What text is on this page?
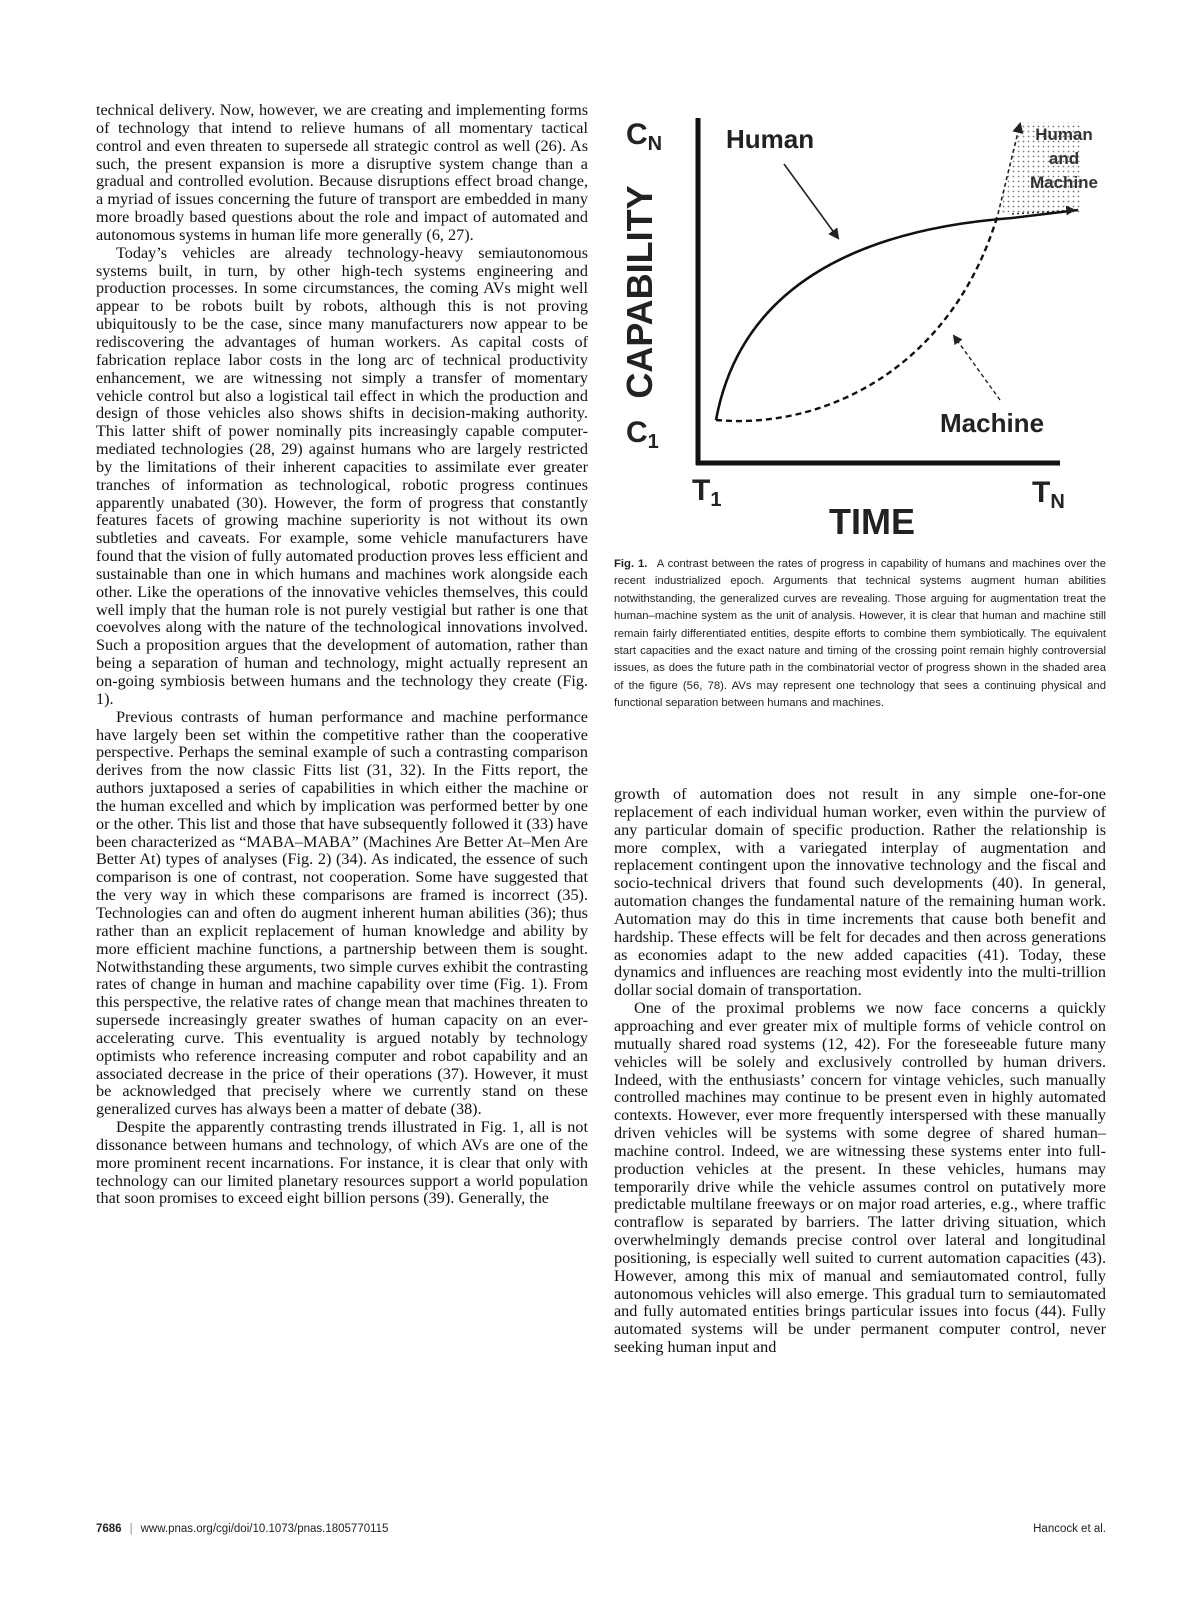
technical delivery. Now, however, we are creating and implementing forms of technology that intend to relieve humans of all momentary tactical control and even threaten to supersede all strategic control as well (26). As such, the present expansion is more a disruptive system change than a gradual and controlled evolution. Because disruptions effect broad change, a myriad of issues concerning the future of transport are embedded in many more broadly based questions about the role and impact of automated and autonomous systems in human life more generally (6, 27).

Today’s vehicles are already technology-heavy semiautonomous systems built, in turn, by other high-tech systems engineering and production processes. In some circumstances, the coming AVs might well appear to be robots built by robots, although this is not proving ubiquitously to be the case, since many manufacturers now appear to be rediscovering the advantages of human workers. As capital costs of fabrication replace labor costs in the long arc of technical productivity enhancement, we are witnessing not simply a transfer of momentary vehicle control but also a logistical tail effect in which the production and design of those vehicles also shows shifts in decision-making authority. This latter shift of power nominally pits increasingly capable computer-mediated technologies (28, 29) against humans who are largely restricted by the limitations of their inherent capacities to assimilate ever greater tranches of information as technological, robotic progress continues apparently unabated (30). However, the form of progress that constantly features facets of growing machine superiority is not without its own subtleties and caveats. For example, some vehicle manufacturers have found that the vision of fully automated production proves less efficient and sustainable than one in which humans and machines work alongside each other. Like the operations of the innovative vehicles themselves, this could well imply that the human role is not purely vestigial but rather is one that coevolves along with the nature of the technological innovations involved. Such a proposition argues that the development of automation, rather than being a separation of human and technology, might actually represent an on-going symbiosis between humans and the technology they create (Fig. 1).

Previous contrasts of human performance and machine performance have largely been set within the competitive rather than the cooperative perspective. Perhaps the seminal example of such a contrasting comparison derives from the now classic Fitts list (31, 32). In the Fitts report, the authors juxtaposed a series of capabilities in which either the machine or the human excelled and which by implication was performed better by one or the other. This list and those that have subsequently followed it (33) have been characterized as “MABA–MABA” (Machines Are Better At–Men Are Better At) types of analyses (Fig. 2) (34). As indicated, the essence of such comparison is one of contrast, not cooperation. Some have suggested that the very way in which these comparisons are framed is incorrect (35). Technologies can and often do augment inherent human abilities (36); thus rather than an explicit replacement of human knowledge and ability by more efficient machine functions, a partnership between them is sought. Notwithstanding these arguments, two simple curves exhibit the contrasting rates of change in human and machine capability over time (Fig. 1). From this perspective, the relative rates of change mean that machines threaten to supersede increasingly greater swathes of human capacity on an ever-accelerating curve. This eventuality is argued notably by technology optimists who reference increasing computer and robot capability and an associated decrease in the price of their operations (37). However, it must be acknowledged that precisely where we currently stand on these generalized curves has always been a matter of debate (38).

Despite the apparently contrasting trends illustrated in Fig. 1, all is not dissonance between humans and technology, of which AVs are one of the more prominent recent incarnations. For instance, it is clear that only with technology can our limited planetary resources support a world population that soon promises to exceed eight billion persons (39). Generally, the

CAPABILITY
TIME
$C_N$
$C_1$
$T_1$	$T_N$
Human
Machine
Human
and
Machine
Fig. 1. A contrast between the rates of progress in capability of humans and machines over the recent industrialized epoch. Arguments that technical systems augment human abilities notwithstanding, the generalized curves are revealing. Those arguing for augmentation treat the human–machine system as the unit of analysis. However, it is clear that human and machine still remain fairly differentiated entities, despite efforts to combine them symbiotically. The equivalent start capacities and the exact nature and timing of the crossing point remain highly controversial issues, as does the future path in the combinatorial vector of progress shown in the shaded area of the figure (56, 78). AVs may represent one technology that sees a continuing physical and functional separation between humans and machines.

growth of automation does not result in any simple one-for-one replacement of each individual human worker, even within the purview of any particular domain of specific production. Rather the relationship is more complex, with a variegated interplay of augmentation and replacement contingent upon the innovative technology and the fiscal and socio-technical drivers that found such developments (40). In general, automation changes the fundamental nature of the remaining human work. Automation may do this in time increments that cause both benefit and hardship. These effects will be felt for decades and then across generations as economies adapt to the new added capacities (41). Today, these dynamics and influences are reaching most evidently into the multi-trillion dollar social domain of transportation.

One of the proximal problems we now face concerns a quickly approaching and ever greater mix of multiple forms of vehicle control on mutually shared road systems (12, 42). For the foreseeable future many vehicles will be solely and exclusively controlled by human drivers. Indeed, with the enthusiasts’ concern for vintage vehicles, such manually controlled machines may continue to be present even in highly automated contexts. However, ever more frequently interspersed with these manually driven vehicles will be systems with some degree of shared human–machine control. Indeed, we are witnessing these systems enter into full-production vehicles at the present. In these vehicles, humans may temporarily drive while the vehicle assumes control on putatively more predictable multilane freeways or on major road arteries, e.g., where traffic contraflow is separated by barriers. The latter driving situation, which overwhelmingly demands precise control over lateral and longitudinal positioning, is especially well suited to current automation capacities (43). However, among this mix of manual and semiautomated control, fully autonomous vehicles will also emerge. This gradual turn to semiautomated and fully automated entities brings particular issues into focus (44). Fully automated systems will be under permanent computer control, never seeking human input and

7686 | www.pnas.org/cgi/doi/10.1073/pnas.1805770115	Hancock et al.
